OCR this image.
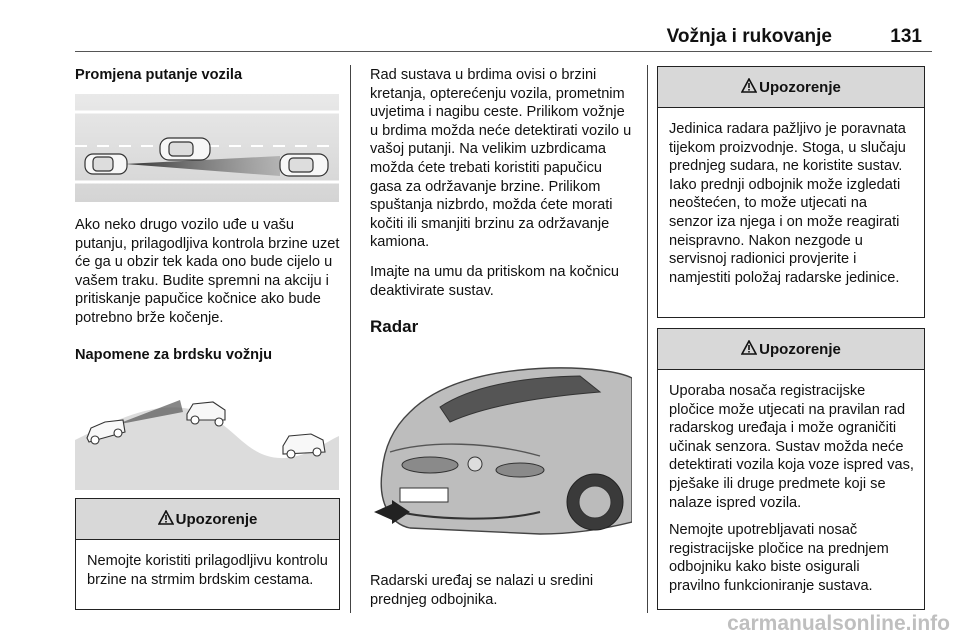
Vožnja i rukovanje	131
Promjena putanje vozila

Ako neko drugo vozilo uđe u vašu putanju, prilagodljiva kontrola brzine uzet će ga u obzir tek kada ono bude cijelo u vašem traku. Budite spremni na akciju i pritiskanje papučice kočnice ako bude potrebno brže kočenje.

Napomene za brdsku vožnju
Upozorenje

Nemojte koristiti prilagodljivu kontrolu brzine na strmim brdskim cestama.

Rad sustava u brdima ovisi o brzini kretanja, opterećenju vozila, prometnim uvjetima i nagibu ceste. Prilikom vožnje u brdima možda neće detektirati vozilo u vašoj putanji. Na velikim uzbrdicama možda ćete trebati koristiti papučicu gasa za održavanje brzine. Prilikom spuštanja nizbrdo, možda ćete morati kočiti ili smanjiti brzinu za održavanje kamiona.

Imajte na umu da pritiskom na kočnicu deaktivirate sustav.

Radar

Radarski uređaj se nalazi u sredini prednjeg odbojnika.

Upozorenje

Jedinica radara pažljivo je poravnata tijekom proizvodnje. Stoga, u slučaju prednjeg sudara, ne koristite sustav. Iako prednji odbojnik može izgledati neoštećen, to može utjecati na senzor iza njega i on može reagirati neispravno. Nakon nezgode u servisnoj radionici provjerite i namjestiti položaj radarske jedinice.

Upozorenje

Uporaba nosača registracijske pločice može utjecati na pravilan rad radarskog uređaja i može ograničiti učinak senzora. Sustav možda neće detektirati vozila koja voze ispred vas, pješake ili druge predmete koji se nalaze ispred vozila.

Nemojte upotrebljavati nosač registracijske pločice na prednjem odbojniku kako biste osigurali pravilno funkcioniranje sustava.

carmanualsonline.info
